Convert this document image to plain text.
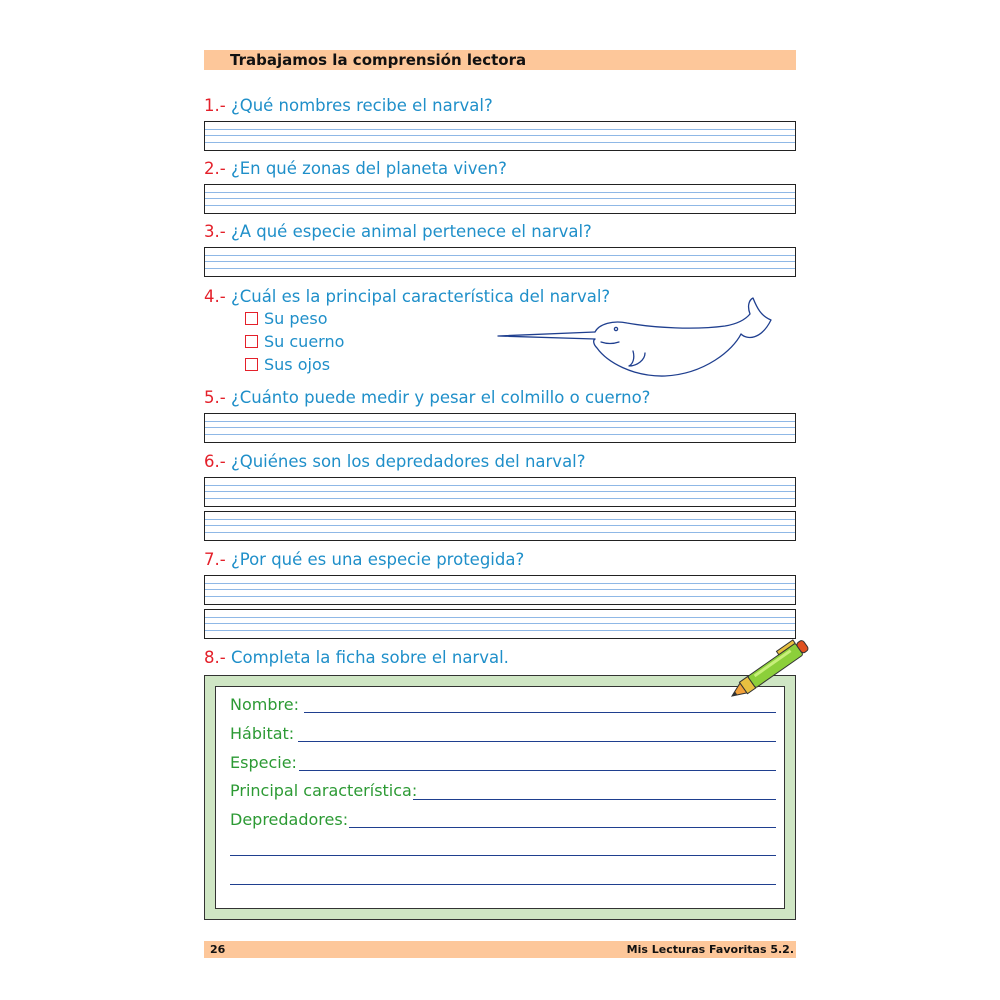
Trabajamos la comprensión lectora
1.- ¿Qué nombres recibe el narval?
2.- ¿En qué zonas del planeta viven?
3.- ¿A qué especie animal pertenece el narval?
4.- ¿Cuál es la principal característica del narval?
Su peso
Su cuerno
Sus ojos
5.- ¿Cuánto puede medir y pesar el colmillo o cuerno?
6.- ¿Quiénes son los depredadores del narval?
7.- ¿Por qué es una especie protegida?
8.- Completa la ficha sobre el narval.
Nombre:
Hábitat:
Especie:
Principal característica:
Depredadores:
26	Mis Lecturas Favoritas 5.2.
